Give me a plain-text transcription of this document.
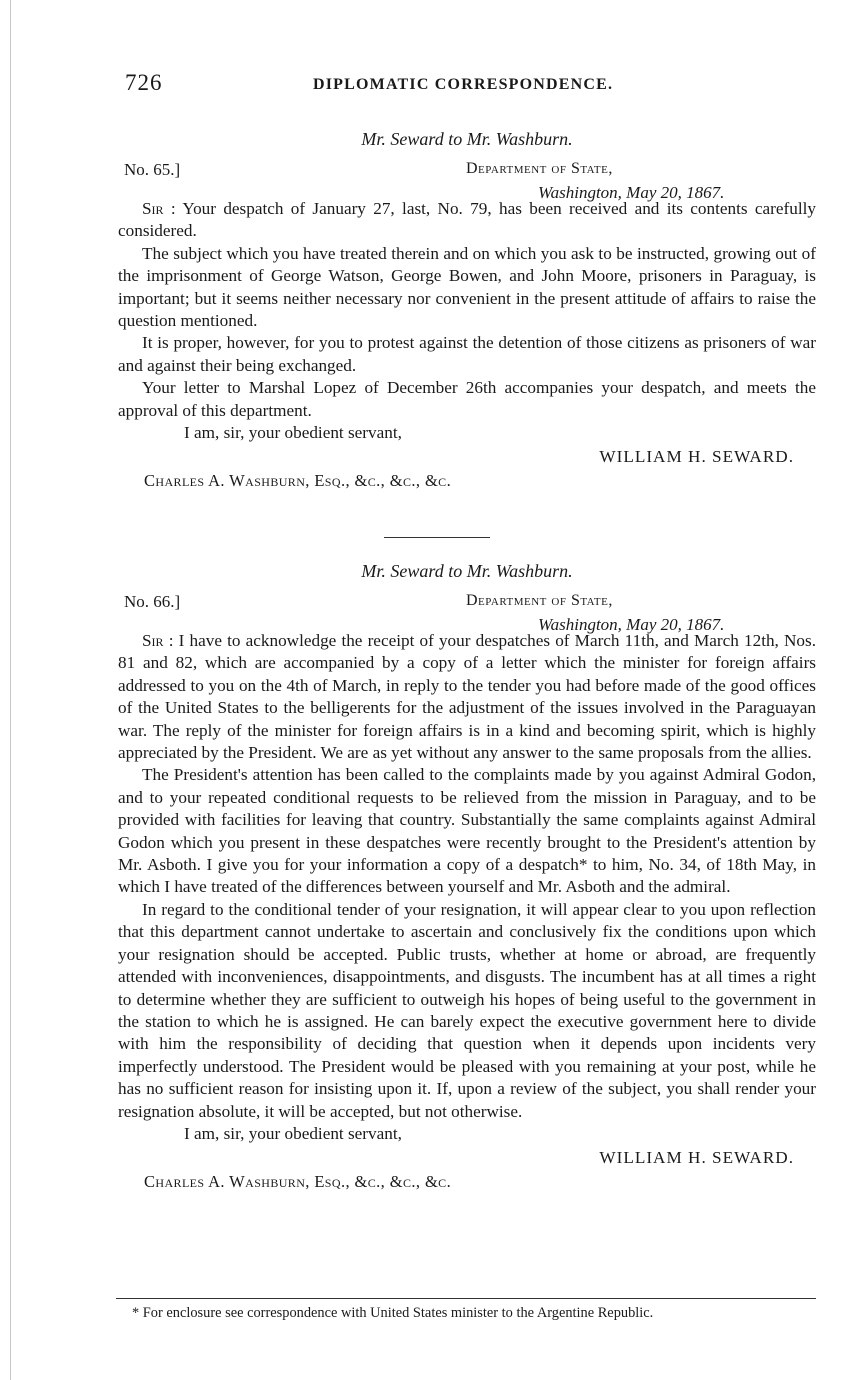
726	DIPLOMATIC CORRESPONDENCE.
Mr. Seward to Mr. Washburn.
No. 65.]	Department of State,
Washington, May 20, 1867.

Sir : Your despatch of January 27, last, No. 79, has been received and its contents carefully considered.

The subject which you have treated therein and on which you ask to be instructed, growing out of the imprisonment of George Watson, George Bowen, and John Moore, prisoners in Paraguay, is important; but it seems neither necessary nor convenient in the present attitude of affairs to raise the question mentioned.

It is proper, however, for you to protest against the detention of those citizens as prisoners of war and against their being exchanged.

Your letter to Marshal Lopez of December 26th accompanies your despatch, and meets the approval of this department.

I am, sir, your obedient servant,

WILLIAM H. SEWARD.

Charles A. Washburn, Esq., &c., &c., &c.

Mr. Seward to Mr. Washburn.
No. 66.]	Department of State,
Washington, May 20, 1867.

Sir : I have to acknowledge the receipt of your despatches of March 11th, and March 12th, Nos. 81 and 82, which are accompanied by a copy of a letter which the minister for foreign affairs addressed to you on the 4th of March, in reply to the tender you had before made of the good offices of the United States to the belligerents for the adjustment of the issues involved in the Paraguayan war. The reply of the minister for foreign affairs is in a kind and becoming spirit, which is highly appreciated by the President. We are as yet without any answer to the same proposals from the allies.

The President's attention has been called to the complaints made by you against Admiral Godon, and to your repeated conditional requests to be relieved from the mission in Paraguay, and to be provided with facilities for leaving that country. Substantially the same complaints against Admiral Godon which you present in these despatches were recently brought to the President's attention by Mr. Asboth. I give you for your information a copy of a despatch* to him, No. 34, of 18th May, in which I have treated of the differences between yourself and Mr. Asboth and the admiral.

In regard to the conditional tender of your resignation, it will appear clear to you upon reflection that this department cannot undertake to ascertain and conclusively fix the conditions upon which your resignation should be accepted. Public trusts, whether at home or abroad, are frequently attended with inconveniences, disappointments, and disgusts. The incumbent has at all times a right to determine whether they are sufficient to outweigh his hopes of being useful to the government in the station to which he is assigned. He can barely expect the executive government here to divide with him the responsibility of deciding that question when it depends upon incidents very imperfectly understood. The President would be pleased with you remaining at your post, while he has no sufficient reason for insisting upon it. If, upon a review of the subject, you shall render your resignation absolute, it will be accepted, but not otherwise.

I am, sir, your obedient servant,

WILLIAM H. SEWARD.

Charles A. Washburn, Esq., &c., &c., &c.

* For enclosure see correspondence with United States minister to the Argentine Republic.
